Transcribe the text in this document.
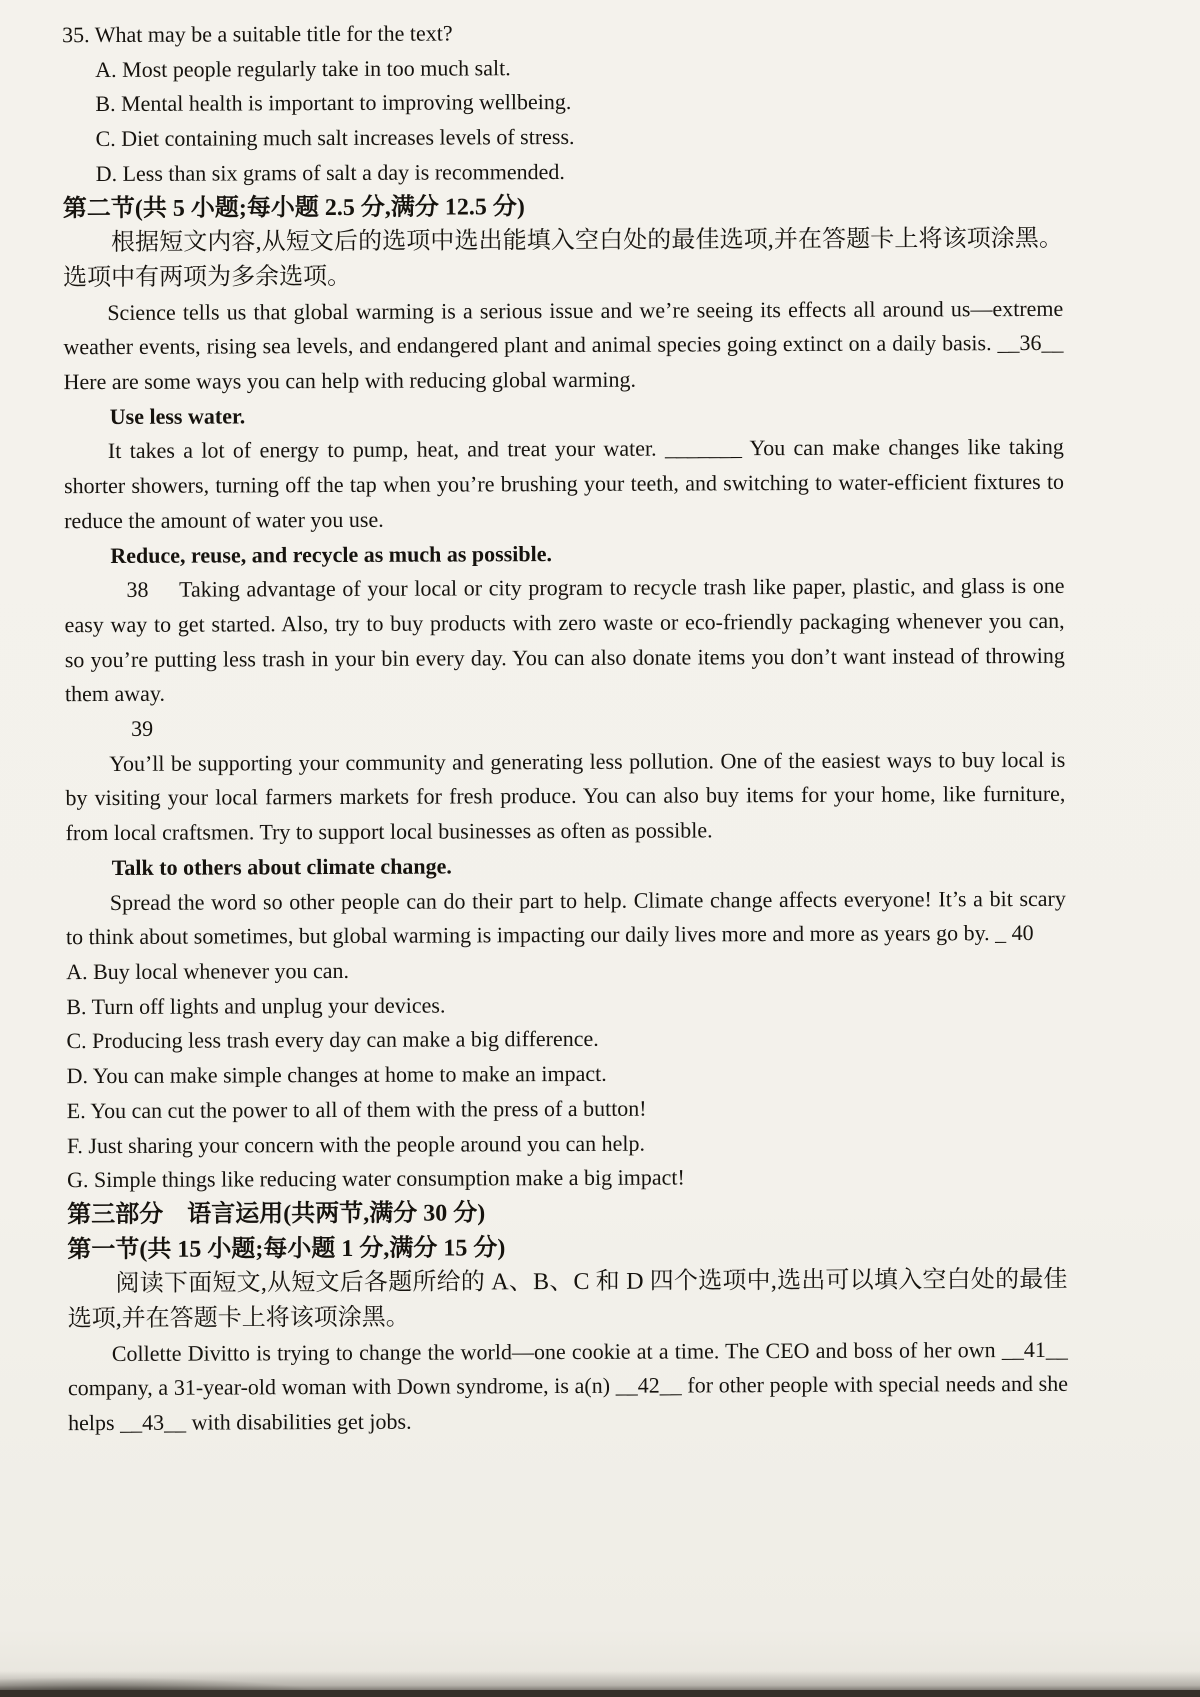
35. What may be a suitable title for the text?
A. Most people regularly take in too much salt.
B. Mental health is important to improving wellbeing.
C. Diet containing much salt increases levels of stress.
D. Less than six grams of salt a day is recommended.
第二节(共 5 小题;每小题 2.5 分,满分 12.5 分)
根据短文内容,从短文后的选项中选出能填入空白处的最佳选项,并在答题卡上将该项涂黑。选项中有两项为多余选项。
Science tells us that global warming is a serious issue and we’re seeing its effects all around us—extreme weather events, rising sea levels, and endangered plant and animal species going extinct on a daily basis. __36__ Here are some ways you can help with reducing global warming.
Use less water.
It takes a lot of energy to pump, heat, and treat your water. _______ You can make changes like taking shorter showers, turning off the tap when you’re brushing your teeth, and switching to water-efficient fixtures to reduce the amount of water you use.
Reduce, reuse, and recycle as much as possible.
38　 Taking advantage of your local or city program to recycle trash like paper, plastic, and glass is one easy way to get started. Also, try to buy products with zero waste or eco-friendly packaging whenever you can, so you’re putting less trash in your bin every day. You can also donate items you don’t want instead of throwing them away.
39
You’ll be supporting your community and generating less pollution. One of the easiest ways to buy local is by visiting your local farmers markets for fresh produce. You can also buy items for your home, like furniture, from local craftsmen. Try to support local businesses as often as possible.
Talk to others about climate change.
Spread the word so other people can do their part to help. Climate change affects everyone! It’s a bit scary to think about sometimes, but global warming is impacting our daily lives more and more as years go by. _ 40
A. Buy local whenever you can.
B. Turn off lights and unplug your devices.
C. Producing less trash every day can make a big difference.
D. You can make simple changes at home to make an impact.
E. You can cut the power to all of them with the press of a button!
F. Just sharing your concern with the people around you can help.
G. Simple things like reducing water consumption make a big impact!
第三部分　语言运用(共两节,满分 30 分)
第一节(共 15 小题;每小题 1 分,满分 15 分)
阅读下面短文,从短文后各题所给的 A、B、C 和 D 四个选项中,选出可以填入空白处的最佳选项,并在答题卡上将该项涂黑。
Collette Divitto is trying to change the world—one cookie at a time. The CEO and boss of her own __41__ company, a 31-year-old woman with Down syndrome, is a(n) __42__ for other people with special needs and she helps __43__ with disabilities get jobs.
